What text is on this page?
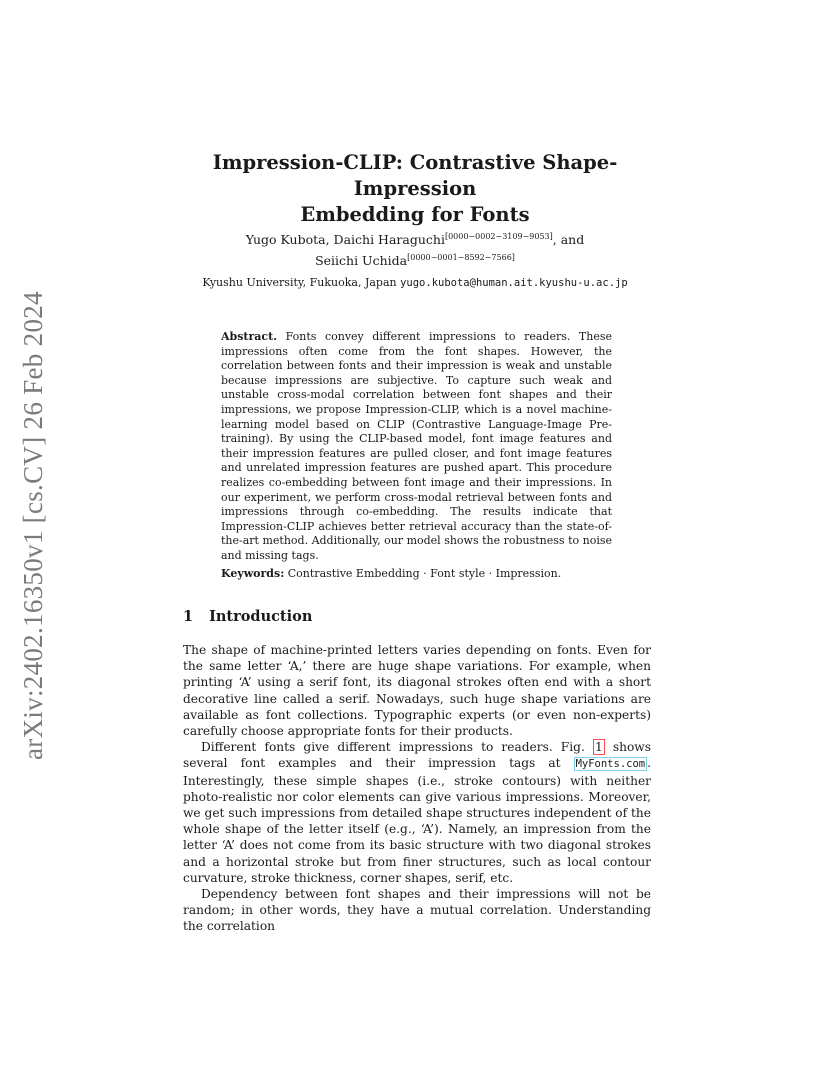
arXiv:2402.16350v1 [cs.CV] 26 Feb 2024
Impression-CLIP: Contrastive Shape-Impression
Embedding for Fonts
Yugo Kubota, Daichi Haraguchi[0000−0002−3109−9053], and
Seiichi Uchida[0000−0001−8592−7566]
Kyushu University, Fukuoka, Japan yugo.kubota@human.ait.kyushu-u.ac.jp
Abstract. Fonts convey different impressions to readers. These impressions often come from the font shapes. However, the correlation between fonts and their impression is weak and unstable because impressions are subjective. To capture such weak and unstable cross-modal correlation between font shapes and their impressions, we propose Impression-CLIP, which is a novel machine-learning model based on CLIP (Contrastive Language-Image Pre-training). By using the CLIP-based model, font image features and their impression features are pulled closer, and font image features and unrelated impression features are pushed apart. This procedure realizes co-embedding between font image and their impressions. In our experiment, we perform cross-modal retrieval between fonts and impressions through co-embedding. The results indicate that Impression-CLIP achieves better retrieval accuracy than the state-of-the-art method. Additionally, our model shows the robustness to noise and missing tags.
Keywords: Contrastive Embedding · Font style · Impression.
1 Introduction

The shape of machine-printed letters varies depending on fonts. Even for the same letter ‘A,’ there are huge shape variations. For example, when printing ‘A’ using a serif font, its diagonal strokes often end with a short decorative line called a serif. Nowadays, such huge shape variations are available as font collections. Typographic experts (or even non-experts) carefully choose appropriate fonts for their products.

Different fonts give different impressions to readers. Fig. 1 shows several font examples and their impression tags at MyFonts.com . Interestingly, these simple shapes (i.e., stroke contours) with neither photo-realistic nor color elements can give various impressions. Moreover, we get such impressions from detailed shape structures independent of the whole shape of the letter itself (e.g., ‘A’). Namely, an impression from the letter ‘A’ does not come from its basic structure with two diagonal strokes and a horizontal stroke but from finer structures, such as local contour curvature, stroke thickness, corner shapes, serif, etc.

Dependency between font shapes and their impressions will not be random; in other words, they have a mutual correlation. Understanding the correlation
